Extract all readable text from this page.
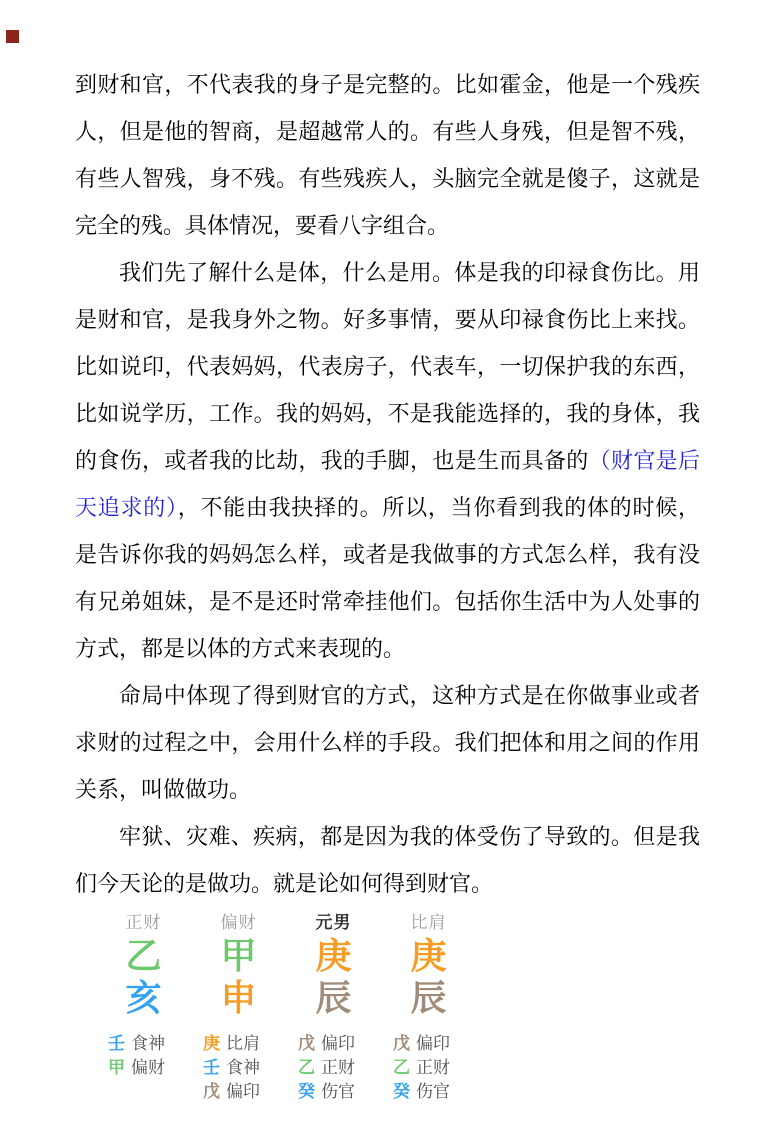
到财和官，不代表我的身子是完整的。比如霍金，他是一个残疾人，但是他的智商，是超越常人的。有些人身残，但是智不残，有些人智残，身不残。有些残疾人，头脑完全就是傻子，这就是完全的残。具体情况，要看八字组合。

我们先了解什么是体，什么是用。体是我的印禄食伤比。用是财和官，是我身外之物。好多事情，要从印禄食伤比上来找。比如说印，代表妈妈，代表房子，代表车，一切保护我的东西，比如说学历，工作。我的妈妈，不是我能选择的，我的身体，我的食伤，或者我的比劫，我的手脚，也是生而具备的（财官是后天追求的），不能由我抉择的。所以，当你看到我的体的时候，是告诉你我的妈妈怎么样，或者是我做事的方式怎么样，我有没有兄弟姐妹，是不是还时常牵挂他们。包括你生活中为人处事的方式，都是以体的方式来表现的。

命局中体现了得到财官的方式，这种方式是在你做事业或者求财的过程之中，会用什么样的手段。我们把体和用之间的作用关系，叫做做功。

牢狱、灾难、疾病，都是因为我的体受伤了导致的。但是我们今天论的是做功。就是论如何得到财官。

正财
乙
亥
壬 食神
甲 偏财
偏财
甲
申
庚 比肩
壬 食神
戊 偏印
元男
庚
辰
戊 偏印
乙 正财
癸 伤官
比肩
庚
辰
戊 偏印
乙 正财
癸 伤官
